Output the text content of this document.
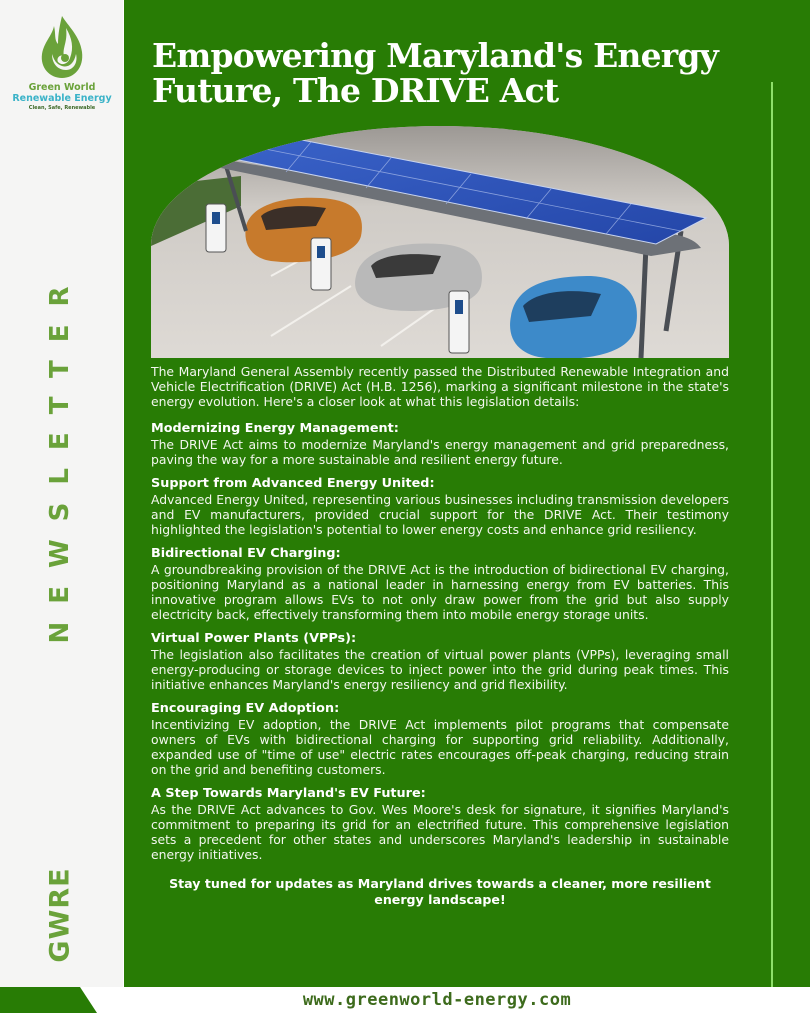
Green World
Renewable Energy
Clean, Safe, Renewable
NEWSLETTER
GWRE
Empowering Maryland's Energy Future, The DRIVE Act

The Maryland General Assembly recently passed the Distributed Renewable Integration and Vehicle Electrification (DRIVE) Act (H.B. 1256), marking a significant milestone in the state's energy evolution. Here's a closer look at what this legislation details:

Modernizing Energy Management:

The DRIVE Act aims to modernize Maryland's energy management and grid preparedness, paving the way for a more sustainable and resilient energy future.

Support from Advanced Energy United:

Advanced Energy United, representing various businesses including transmission developers and EV manufacturers, provided crucial support for the DRIVE Act. Their testimony highlighted the legislation's potential to lower energy costs and enhance grid resiliency.

Bidirectional EV Charging:

A groundbreaking provision of the DRIVE Act is the introduction of bidirectional EV charging, positioning Maryland as a national leader in harnessing energy from EV batteries. This innovative program allows EVs to not only draw power from the grid but also supply electricity back, effectively transforming them into mobile energy storage units.

Virtual Power Plants (VPPs):

The legislation also facilitates the creation of virtual power plants (VPPs), leveraging small energy-producing or storage devices to inject power into the grid during peak times. This initiative enhances Maryland's energy resiliency and grid flexibility.

Encouraging EV Adoption:

Incentivizing EV adoption, the DRIVE Act implements pilot programs that compensate owners of EVs with bidirectional charging for supporting grid reliability. Additionally, expanded use of "time of use" electric rates encourages off-peak charging, reducing strain on the grid and benefiting customers.

A Step Towards Maryland's EV Future:

As the DRIVE Act advances to Gov. Wes Moore's desk for signature, it signifies Maryland's commitment to preparing its grid for an electrified future. This comprehensive legislation sets a precedent for other states and underscores Maryland's leadership in sustainable energy initiatives.

Stay tuned for updates as Maryland drives towards a cleaner, more resilient energy landscape!

www.greenworld-energy.com
